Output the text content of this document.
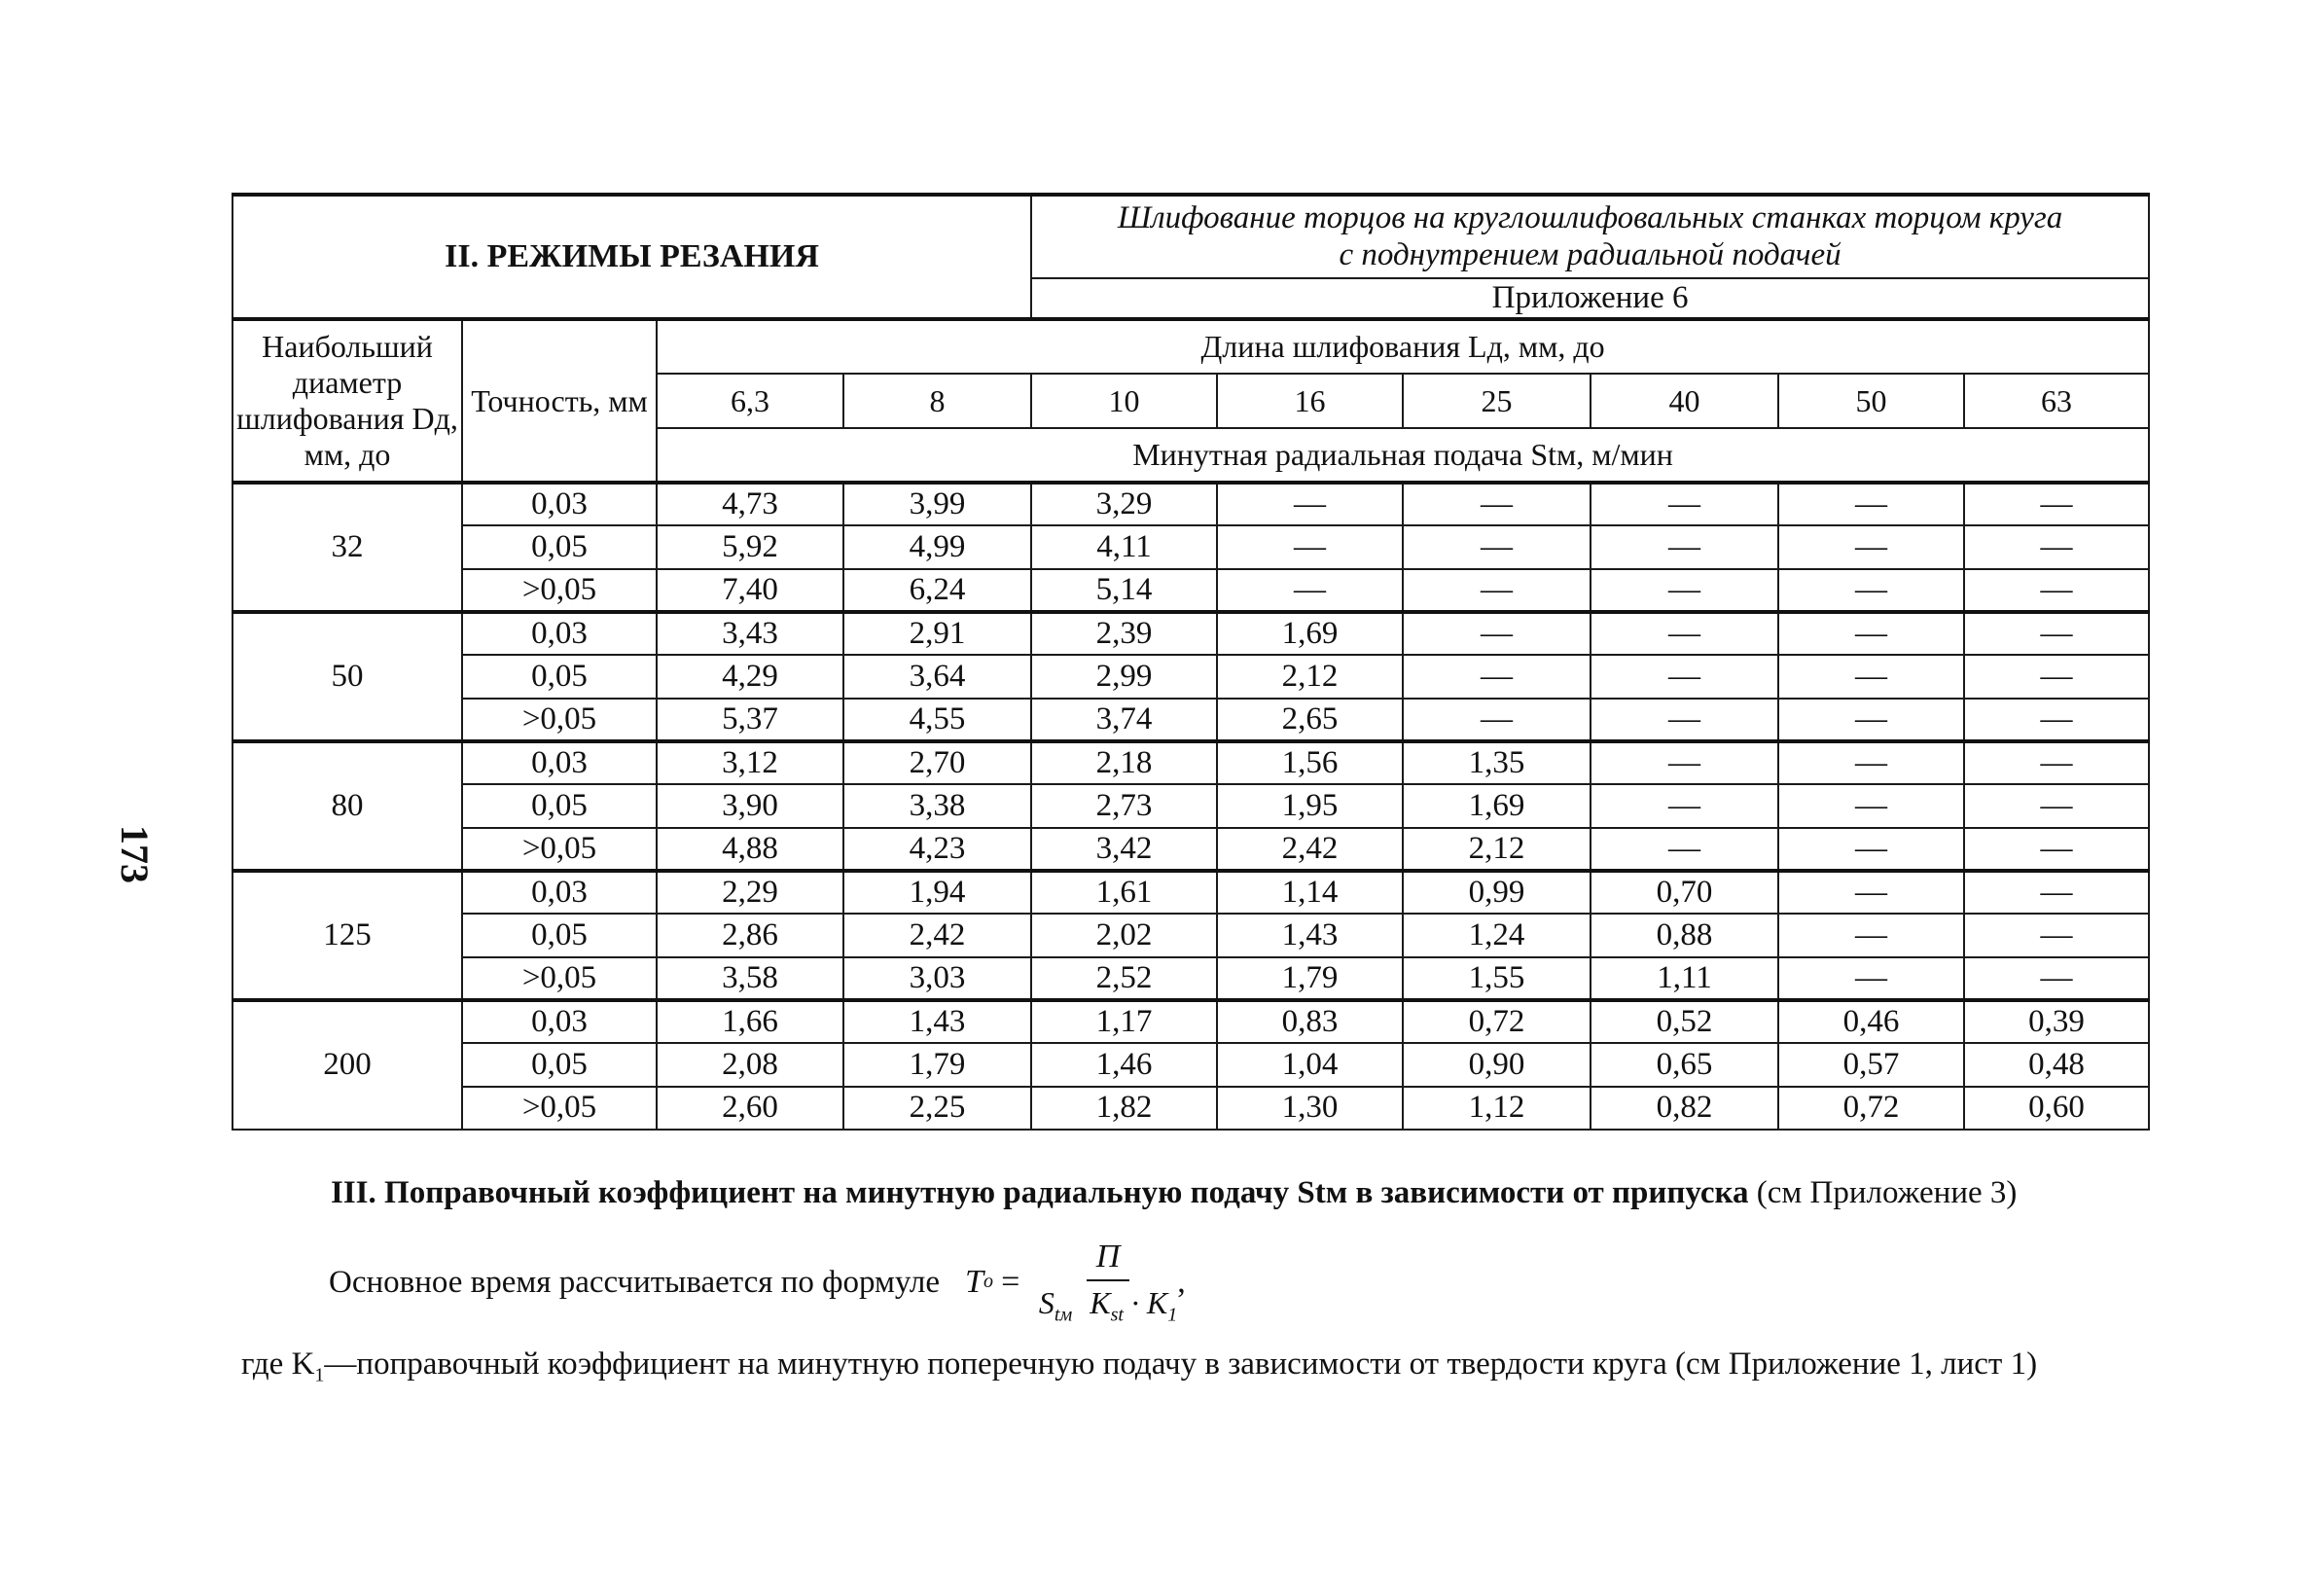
173
II. РЕЖИМЫ РЕЗАНИЯ				Шлифование торцов на круглошлифовальных станках торцом круга
с поднутрением радиальной подачей					

				Приложение 6					
Наибольший диаметр шлифования Dд, мм, до	Точность, мм	Длина шлифования Lд, мм, до							
		6,3	8	10	16	25	40	50	63
		Минутная радиальная подача Stм, м/мин							
32	0,03	4,73	3,99	3,29	—	—	—	—	—
	0,05	5,92	4,99	4,11	—	—	—	—	—
	>0,05	7,40	6,24	5,14	—	—	—	—	—
50	0,03	3,43	2,91	2,39	1,69	—	—	—	—
	0,05	4,29	3,64	2,99	2,12	—	—	—	—
	>0,05	5,37	4,55	3,74	2,65	—	—	—	—
80	0,03	3,12	2,70	2,18	1,56	1,35	—	—	—
	0,05	3,90	3,38	2,73	1,95	1,69	—	—	—
	>0,05	4,88	4,23	3,42	2,42	2,12	—	—	—
125	0,03	2,29	1,94	1,61	1,14	0,99	0,70	—	—
	0,05	2,86	2,42	2,02	1,43	1,24	0,88	—	—
	>0,05	3,58	3,03	2,52	1,79	1,55	1,11	—	—
200	0,03	1,66	1,43	1,17	0,83	0,72	0,52	0,46	0,39
	0,05	2,08	1,79	1,46	1,04	0,90	0,65	0,57	0,48
	>0,05	2,60	2,25	1,82	1,30	1,12	0,82	0,72	0,60
III. Поправочный коэффициент на минутную радиальную подачу Stм в зависимости от припуска (см Приложение 3)
Основное время рассчитывается по формуле T $o = \frac{П}{S_{tм} K_{st} \cdot K_1}$ ,
где $K_1—поправочный$ коэффициент на минутную поперечную подачу в зависимости от твердости круга (см Приложение 1, лист 1)
